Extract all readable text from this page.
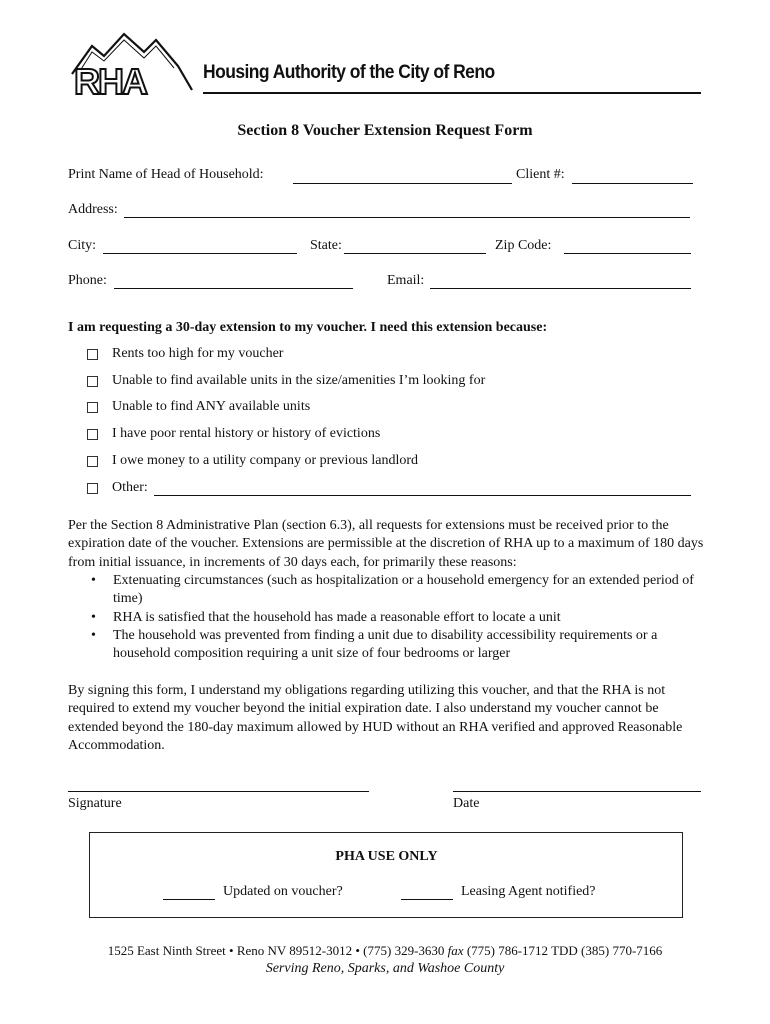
RHA	Housing Authority of the City of Reno
Section 8 Voucher Extension Request Form
Print Name of Head of Household:	Client #:
Address:
City:	State:	Zip Code:
Phone:	Email:
I am requesting a 30-day extension to my voucher. I need this extension because:
Rents too high for my voucher
Unable to find available units in the size/amenities I’m looking for
Unable to find ANY available units
I have poor rental history or history of evictions
I owe money to a utility company or previous landlord
Other:
Per the Section 8 Administrative Plan (section 6.3), all requests for extensions must be received prior to the expiration date of the voucher. Extensions are permissible at the discretion of RHA up to a maximum of 180 days from initial issuance, in increments of 30 days each, for primarily these reasons:
• Extenuating circumstances (such as hospitalization or a household emergency for an extended period of time)
• RHA is satisfied that the household has made a reasonable effort to locate a unit
• The household was prevented from finding a unit due to disability accessibility requirements or a household composition requiring a unit size of four bedrooms or larger
By signing this form, I understand my obligations regarding utilizing this voucher, and that the RHA is not required to extend my voucher beyond the initial expiration date. I also understand my voucher cannot be extended beyond the 180-day maximum allowed by HUD without an RHA verified and approved Reasonable Accommodation.
Signature	Date
PHA USE ONLY
Updated on voucher?	Leasing Agent notified?
1525 East Ninth Street • Reno NV 89512-3012 • (775) 329-3630 fax (775) 786-1712 TDD (385) 770-7166
Serving Reno, Sparks, and Washoe County
